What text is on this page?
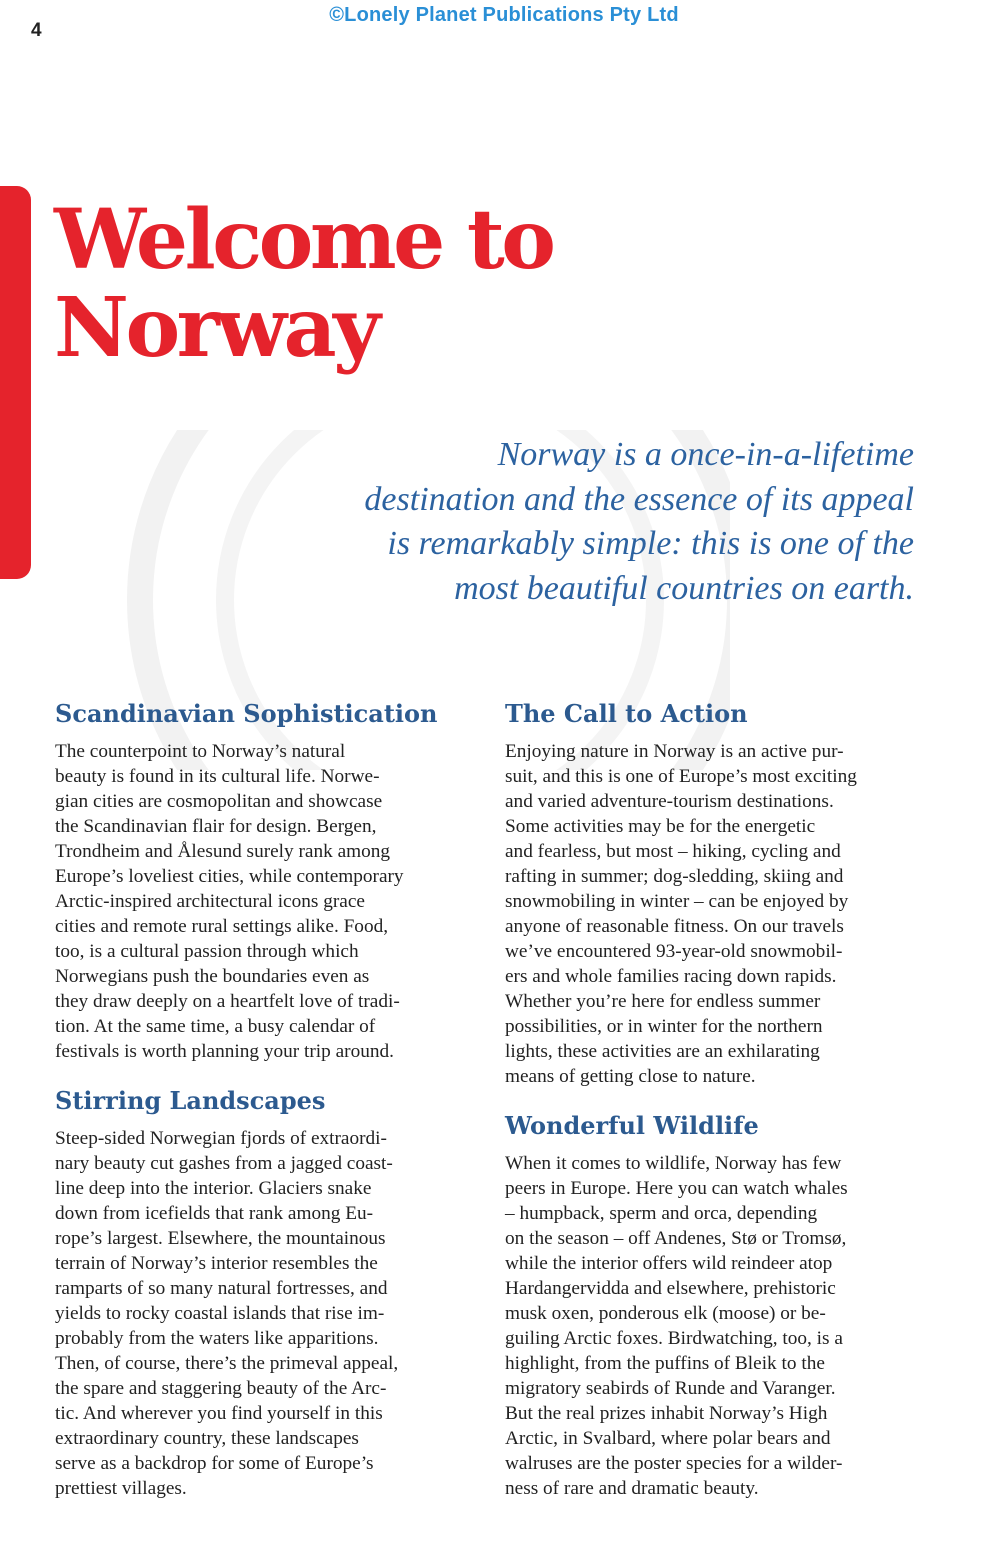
©Lonely Planet Publications Pty Ltd
4
Welcome to
Norway

Norway is a once-in-a-lifetime
destination and the essence of its appeal
is remarkably simple: this is one of the
most beautiful countries on earth.

Scandinavian Sophistication

The counterpoint to Norway’s natural
beauty is found in its cultural life. Norwe-
gian cities are cosmopolitan and showcase
the Scandinavian flair for design. Bergen,
Trondheim and Ålesund surely rank among
Europe’s loveliest cities, while contemporary
Arctic-inspired architectural icons grace
cities and remote rural settings alike. Food,
too, is a cultural passion through which
Norwegians push the boundaries even as
they draw deeply on a heartfelt love of tradi-
tion. At the same time, a busy calendar of
festivals is worth planning your trip around.

Stirring Landscapes

Steep-sided Norwegian fjords of extraordi-
nary beauty cut gashes from a jagged coast-
line deep into the interior. Glaciers snake
down from icefields that rank among Eu-
rope’s largest. Elsewhere, the mountainous
terrain of Norway’s interior resembles the
ramparts of so many natural fortresses, and
yields to rocky coastal islands that rise im-
probably from the waters like apparitions.
Then, of course, there’s the primeval appeal,
the spare and staggering beauty of the Arc-
tic. And wherever you find yourself in this
extraordinary country, these landscapes
serve as a backdrop for some of Europe’s
prettiest villages.

The Call to Action

Enjoying nature in Norway is an active pur-
suit, and this is one of Europe’s most exciting
and varied adventure-tourism destinations.
Some activities may be for the energetic
and fearless, but most – hiking, cycling and
rafting in summer; dog-sledding, skiing and
snowmobiling in winter – can be enjoyed by
anyone of reasonable fitness. On our travels
we’ve encountered 93-year-old snowmobil-
ers and whole families racing down rapids.
Whether you’re here for endless summer
possibilities, or in winter for the northern
lights, these activities are an exhilarating
means of getting close to nature.

Wonderful Wildlife

When it comes to wildlife, Norway has few
peers in Europe. Here you can watch whales
– humpback, sperm and orca, depending
on the season – off Andenes, Stø or Tromsø,
while the interior offers wild reindeer atop
Hardangervidda and elsewhere, prehistoric
musk oxen, ponderous elk (moose) or be-
guiling Arctic foxes. Birdwatching, too, is a
highlight, from the puffins of Bleik to the
migratory seabirds of Runde and Varanger.
But the real prizes inhabit Norway’s High
Arctic, in Svalbard, where polar bears and
walruses are the poster species for a wilder-
ness of rare and dramatic beauty.
